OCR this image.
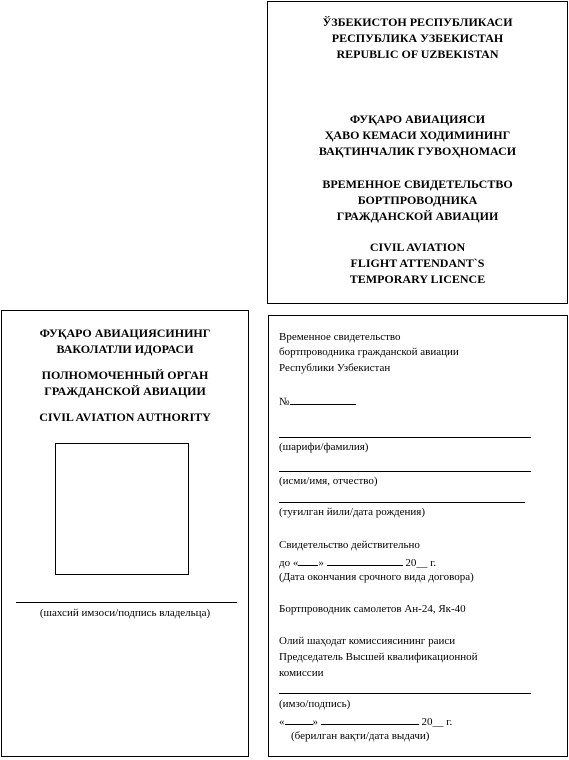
ЎЗБЕКИСТОН РЕСПУБЛИКАСИ

РЕСПУБЛИКА УЗБЕКИСТАН

REPUBLIC OF UZBEKISTAN

ФУҚАРО АВИАЦИЯСИ

ҲАВО КЕМАСИ ХОДИМИНИНГ

ВАҚТИНЧАЛИК ГУВОҲНОМАСИ

ВРЕМЕННОЕ СВИДЕТЕЛЬСТВО

БОРТПРОВОДНИКА

ГРАЖДАНСКОЙ АВИАЦИИ

CIVIL AVIATION

FLIGHT ATTENDANT`S

TEMPORARY LICENCE

ФУҚАРО АВИАЦИЯСИНИНГ

ВАКОЛАТЛИ ИДОРАСИ

ПОЛНОМОЧЕННЫЙ ОРГАН

ГРАЖДАНСКОЙ АВИАЦИИ

CIVIL AVIATION AUTHORITY

(шахсий имзоси/подпись владельца)
Временное свидетельство
бортпроводника гражданской авиации
Республики Узбекистан
№
(шарифи/фамилия)
(исми/имя, отчество)
(туғилган йили/дата рождения)
Свидетельство действительно
до « »	20__ г.
(Дата окончания срочного вида договора)
Бортпроводник самолетов Ан-24, Як-40
Олий шаҳодат комиссиясининг раиси
Председатель Высшей квалификационной
комиссии
(имзо/подпись)
«	»	20__ г.
(берилган вақти/дата выдачи)
